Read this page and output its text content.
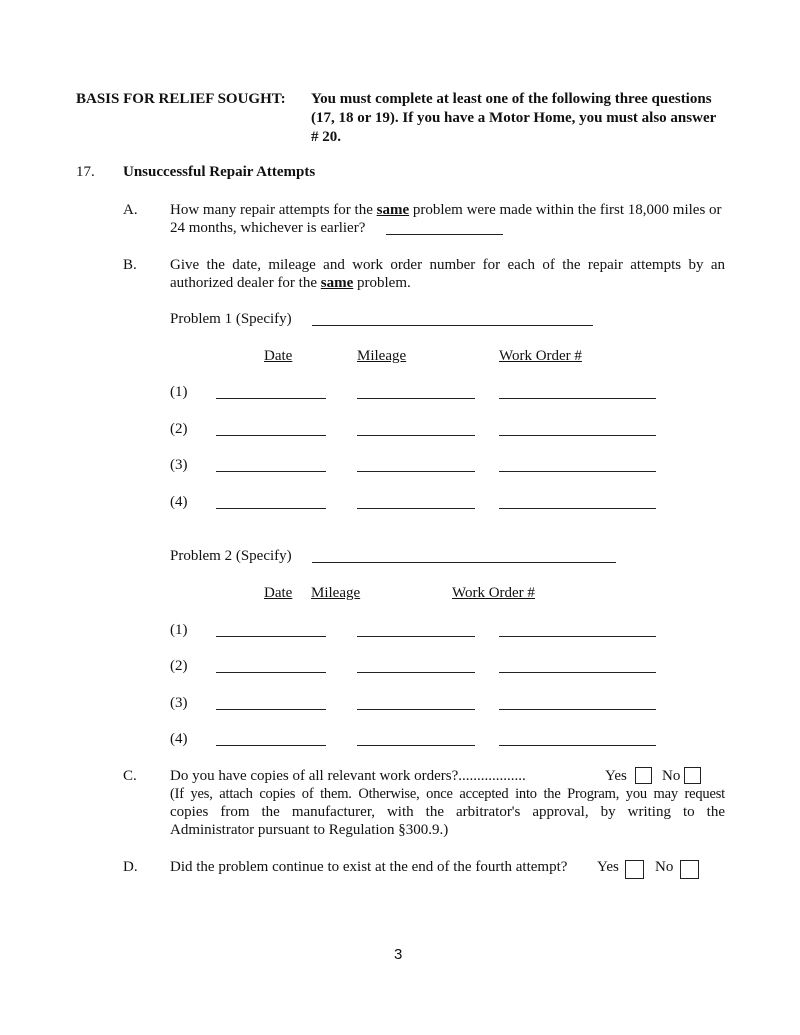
BASIS FOR RELIEF SOUGHT: You must complete at least one of the following three questions
(17, 18 or 19). If you have a Motor Home, you must also answer
# 20.
17. Unsuccessful Repair Attempts
A. How many repair attempts for the same problem were made within the first 18,000 miles or
24 months, whichever is earlier?
B. Give the date, mileage and work order number for each of the repair attempts by an
authorized dealer for the same problem.
Problem 1 (Specify)
Date	Mileage	Work Order #
(1)
(2)
(3)
(4)
Problem 2 (Specify)
Date Mileage	Work Order #
(1)
(2)
(3)
(4)
C. Do you have copies of all relevant work orders?..................	Yes No
(If yes, attach copies of them. Otherwise, once accepted into the Program, you may request
copies from the manufacturer, with the arbitrator's approval, by writing to the
Administrator pursuant to Regulation §300.9.)
D. Did the problem continue to exist at the end of the fourth attempt? Yes No
3
